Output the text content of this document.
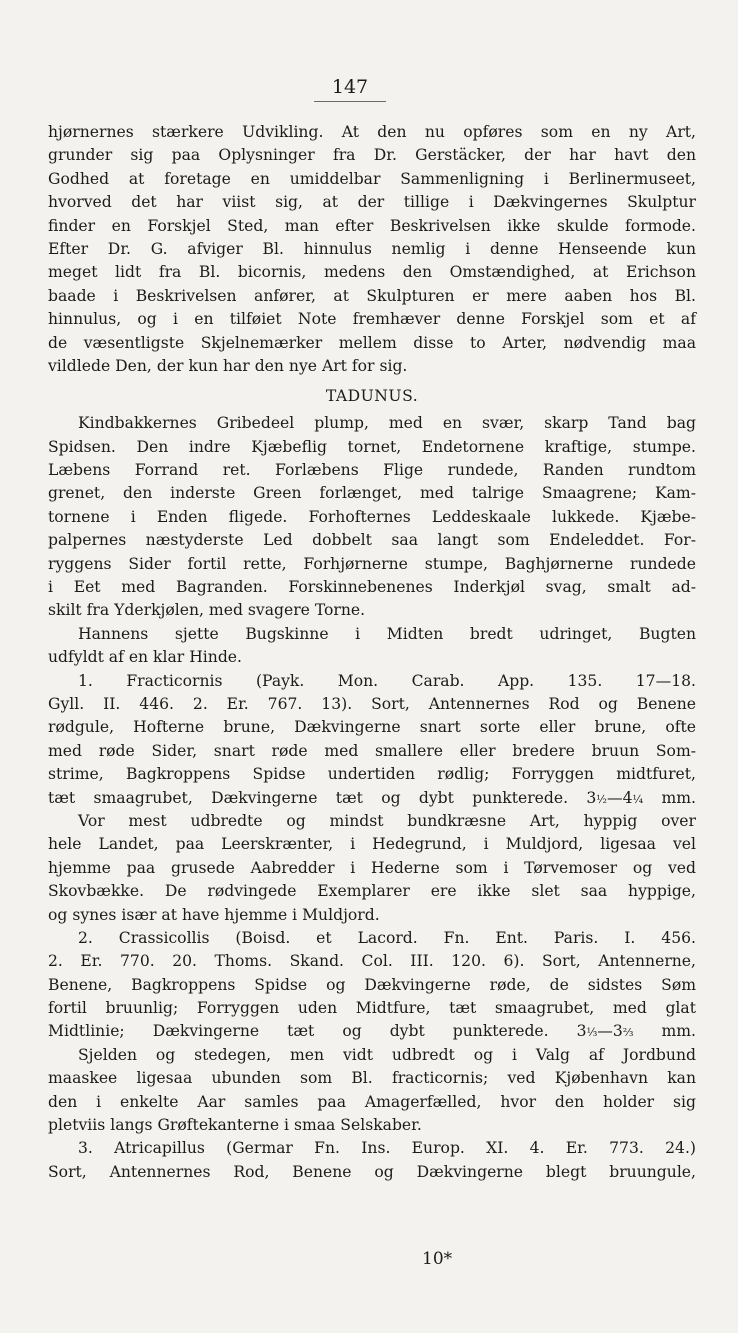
147
hjørnernes stærkere Udvikling. At den nu opføres som en ny Art,
grunder sig paa Oplysninger fra Dr. Gerstäcker, der har havt den
Godhed at foretage en umiddelbar Sammenligning i Berlinermuseet,
hvorved det har viist sig, at der tillige i Dækvingernes Skulptur
finder en Forskjel Sted, man efter Beskrivelsen ikke skulde formode.
Efter Dr. G. afviger Bl. hinnulus nemlig i denne Henseende kun
meget lidt fra Bl. bicornis, medens den Omstændighed, at Erichson
baade i Beskrivelsen anfører, at Skulpturen er mere aaben hos Bl.
hinnulus, og i en tilføiet Note fremhæver denne Forskjel som et af
de væsentligste Skjelnemærker mellem disse to Arter, nødvendig maa
vildlede Den, der kun har den nye Art for sig.
TADUNUS.
Kindbakkernes Gribedeel plump, med en svær, skarp Tand bag
Spidsen. Den indre Kjæbeflig tornet, Endetornene kraftige, stumpe.
Læbens Forrand ret. Forlæbens Flige rundede, Randen rundtom
grenet, den inderste Green forlænget, med talrige Smaagrene; Kam-
tornene i Enden fligede. Forhofternes Leddeskaale lukkede. Kjæbe-
palpernes næstyderste Led dobbelt saa langt som Endeleddet. For-
ryggens Sider fortil rette, Forhjørnerne stumpe, Baghjørnerne rundede
i Eet med Bagranden. Forskinnebenenes Inderkjøl svag, smalt ad-
skilt fra Yderkjølen, med svagere Torne.
Hannens sjette Bugskinne i Midten bredt udringet, Bugten
udfyldt af en klar Hinde.
1. Fracticornis (Payk. Mon. Carab. App. 135. 17—18.
Gyll. II. 446. 2. Er. 767. 13). Sort, Antennernes Rod og Benene
rødgule, Hofterne brune, Dækvingerne snart sorte eller brune, ofte
med røde Sider, snart røde med smallere eller bredere bruun Som-
strime, Bagkroppens Spidse undertiden rødlig; Forryggen midtfuret,
tæt smaagrubet, Dækvingerne tæt og dybt punkterede. 3½—4¼ mm.
Vor mest udbredte og mindst bundkræsne Art, hyppig over
hele Landet, paa Leerskrænter, i Hedegrund, i Muldjord, ligesaa vel
hjemme paa grusede Aabredder i Hederne som i Tørvemoser og ved
Skovbække. De rødvingede Exemplarer ere ikke slet saa hyppige,
og synes især at have hjemme i Muldjord.
2. Crassicollis (Boisd. et Lacord. Fn. Ent. Paris. I. 456.
2. Er. 770. 20. Thoms. Skand. Col. III. 120. 6). Sort, Antennerne,
Benene, Bagkroppens Spidse og Dækvingerne røde, de sidstes Søm
fortil bruunlig; Forryggen uden Midtfure, tæt smaagrubet, med glat
Midtlinie; Dækvingerne tæt og dybt punkterede. 3⅓—3⅔ mm.
Sjelden og stedegen, men vidt udbredt og i Valg af Jordbund
maaskee ligesaa ubunden som Bl. fracticornis; ved Kjøbenhavn kan
den i enkelte Aar samles paa Amagerfælled, hvor den holder sig
pletviis langs Grøftekanterne i smaa Selskaber.
3. Atricapillus (Germar Fn. Ins. Europ. XI. 4. Er. 773. 24.)
Sort, Antennernes Rod, Benene og Dækvingerne blegt bruungule,
10*
